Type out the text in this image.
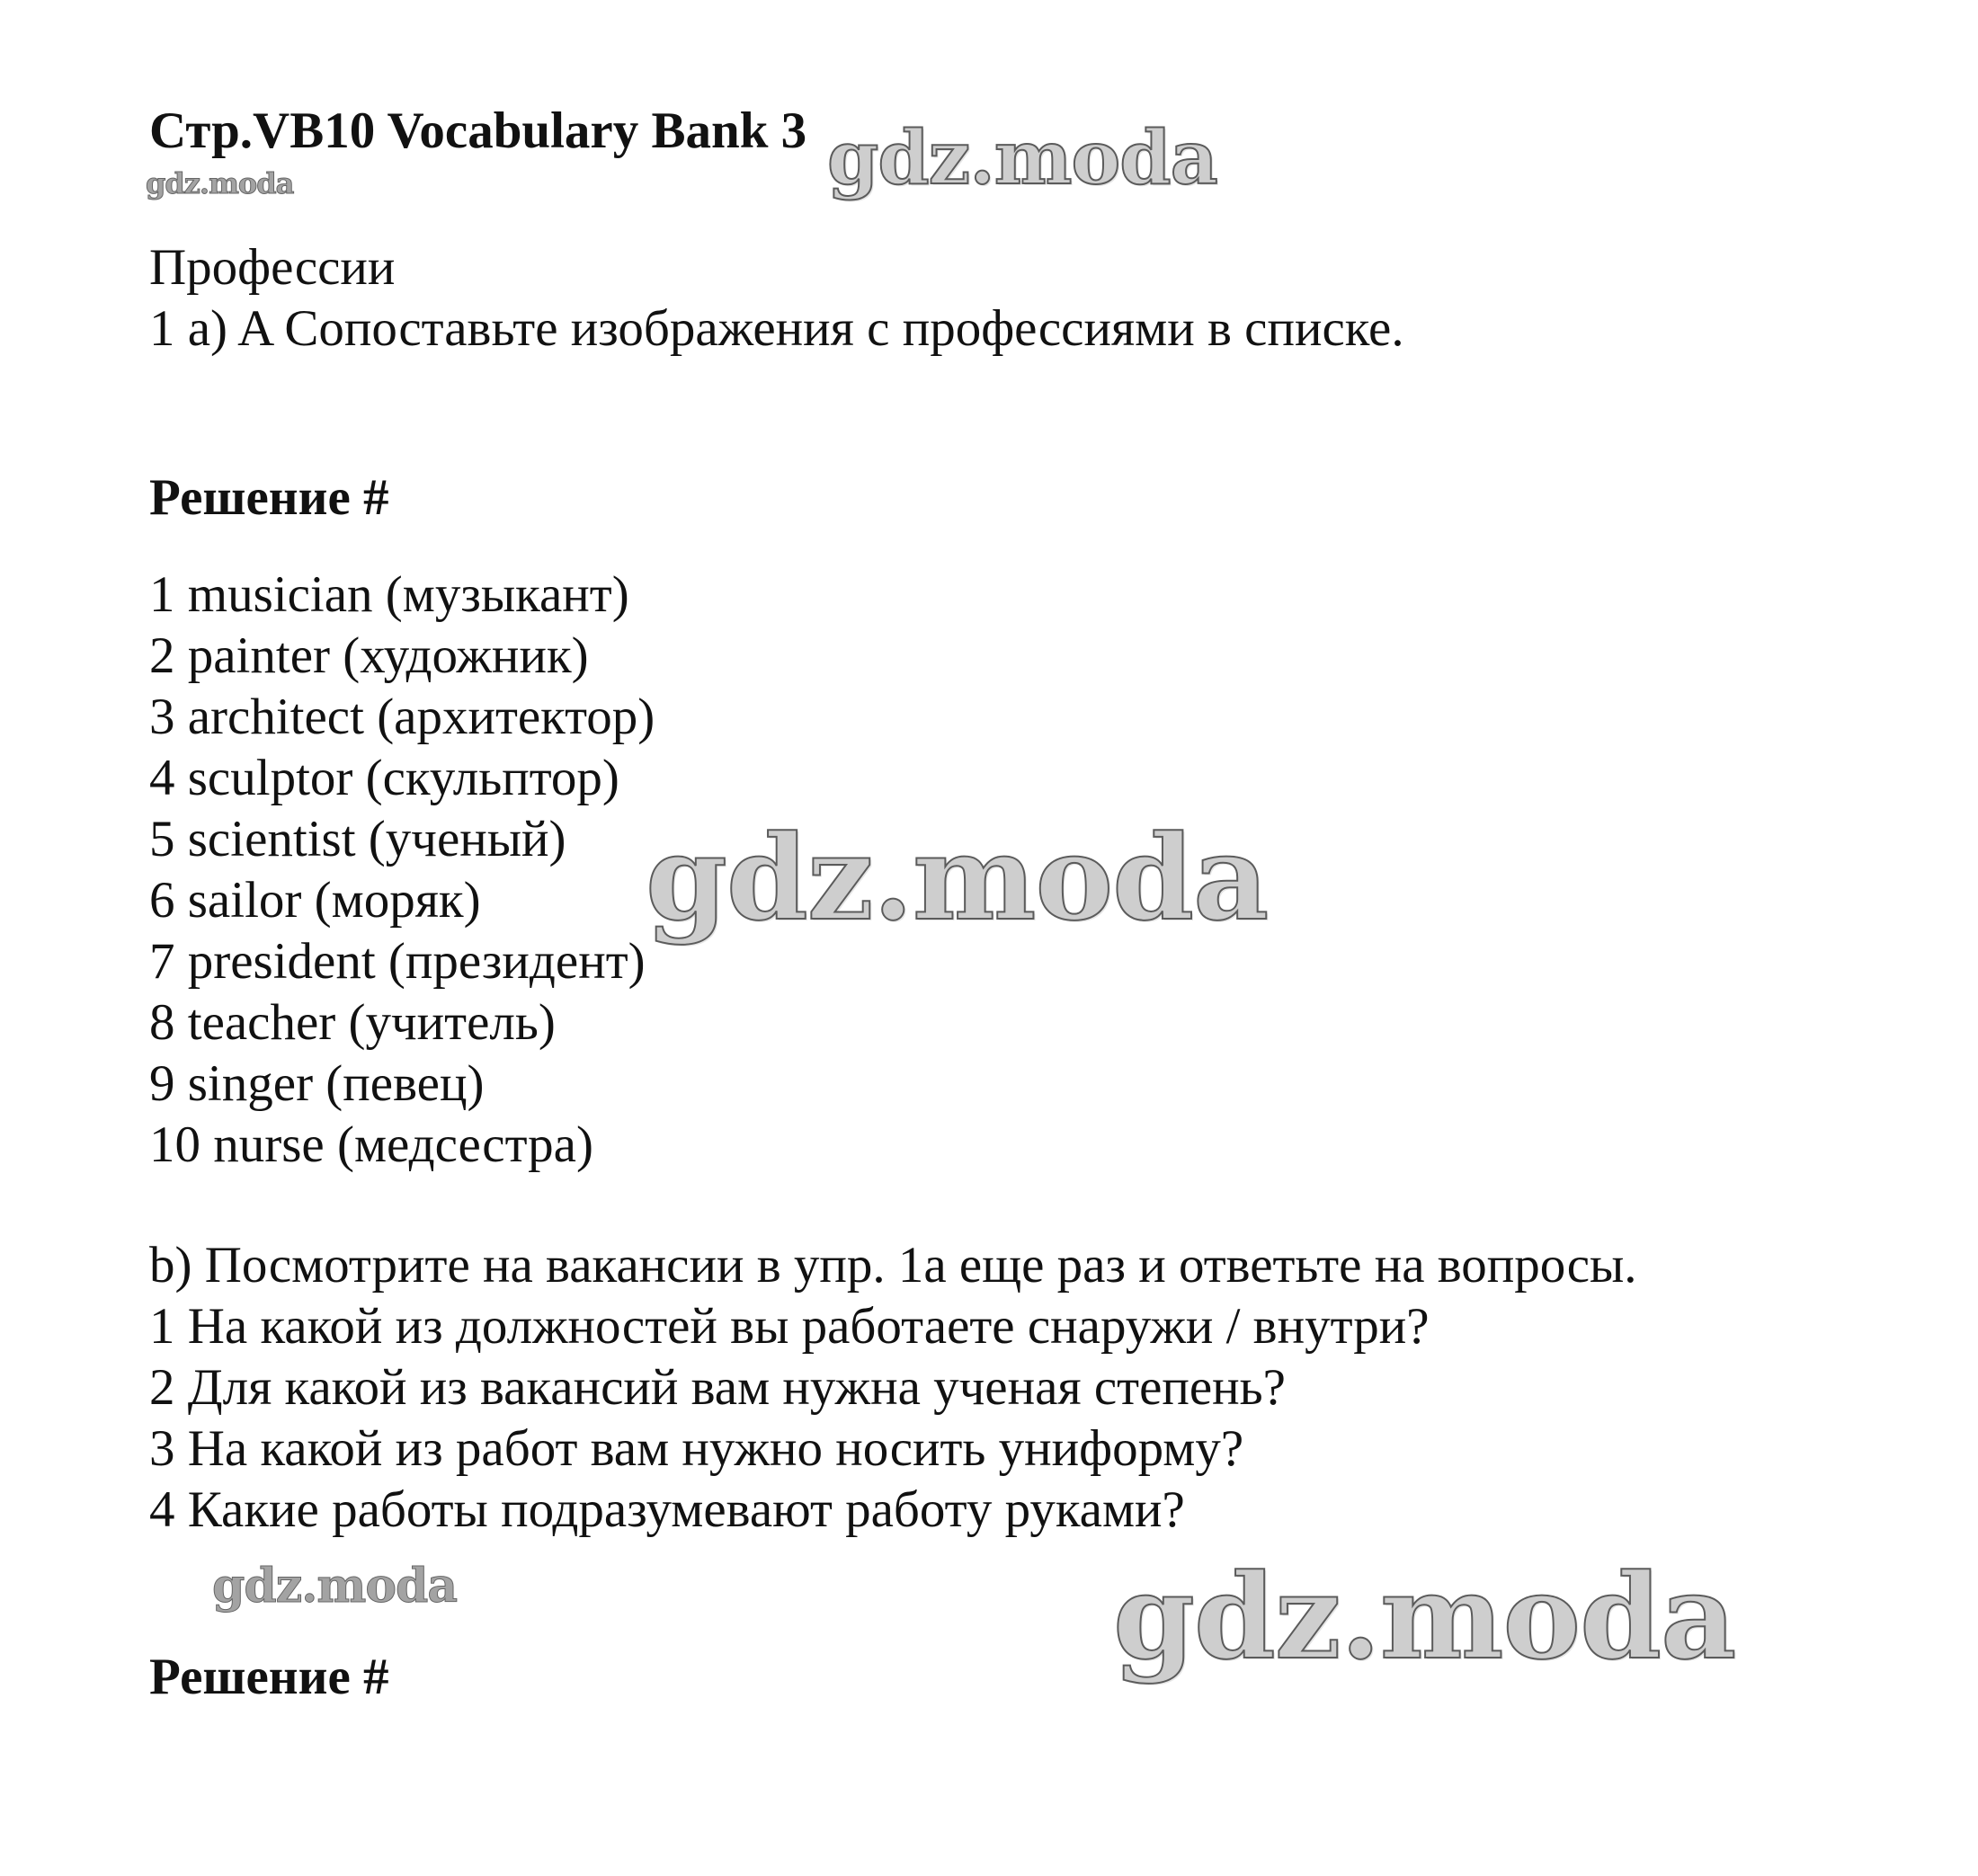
Стр.VB10 Vocabulary Bank 3 gdz.moda
gdz.moda
Профессии
1 a) A Сопоставьте изображения с профессиями в списке.
Решение #
1 musician (музыкант)
2 painter (художник)
3 architect (архитектор)
4 sculptor (скульптор)
5 scientist (ученый)
6 sailor (моряк)
7 president (президент)
8 teacher (учитель)
9 singer (певец)
10 nurse (медсестра)
gdz.moda
b) Посмотрите на вакансии в упр. 1a еще раз и ответьте на вопросы.
1 На какой из должностей вы работаете снаружи / внутри?
2 Для какой из вакансий вам нужна ученая степень?
3 На какой из работ вам нужно носить униформу?
4 Какие работы подразумевают работу руками?
gdz.moda	gdz.moda
Решение #
